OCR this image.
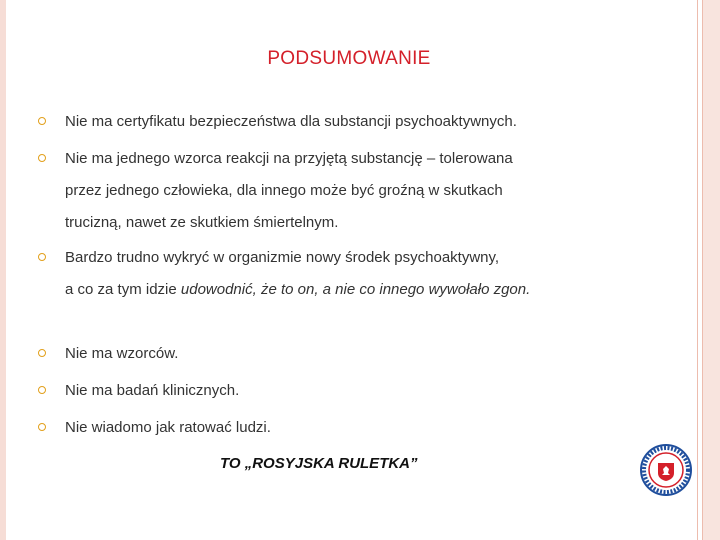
PODSUMOWANIE
Nie ma certyfikatu bezpieczeństwa dla substancji psychoaktywnych.
Nie ma jednego wzorca reakcji na przyjętą substancję – tolerowana
przez jednego człowieka, dla innego może być groźną w skutkach
trucizną, nawet ze skutkiem śmiertelnym.
Bardzo trudno wykryć w organizmie nowy środek psychoaktywny,
a co za tym idzie udowodnić, że to on, a nie co innego wywołało zgon.
Nie ma wzorców.
Nie ma badań klinicznych.
Nie wiadomo jak ratować ludzi.
TO „ROSYJSKA RULETKA”
